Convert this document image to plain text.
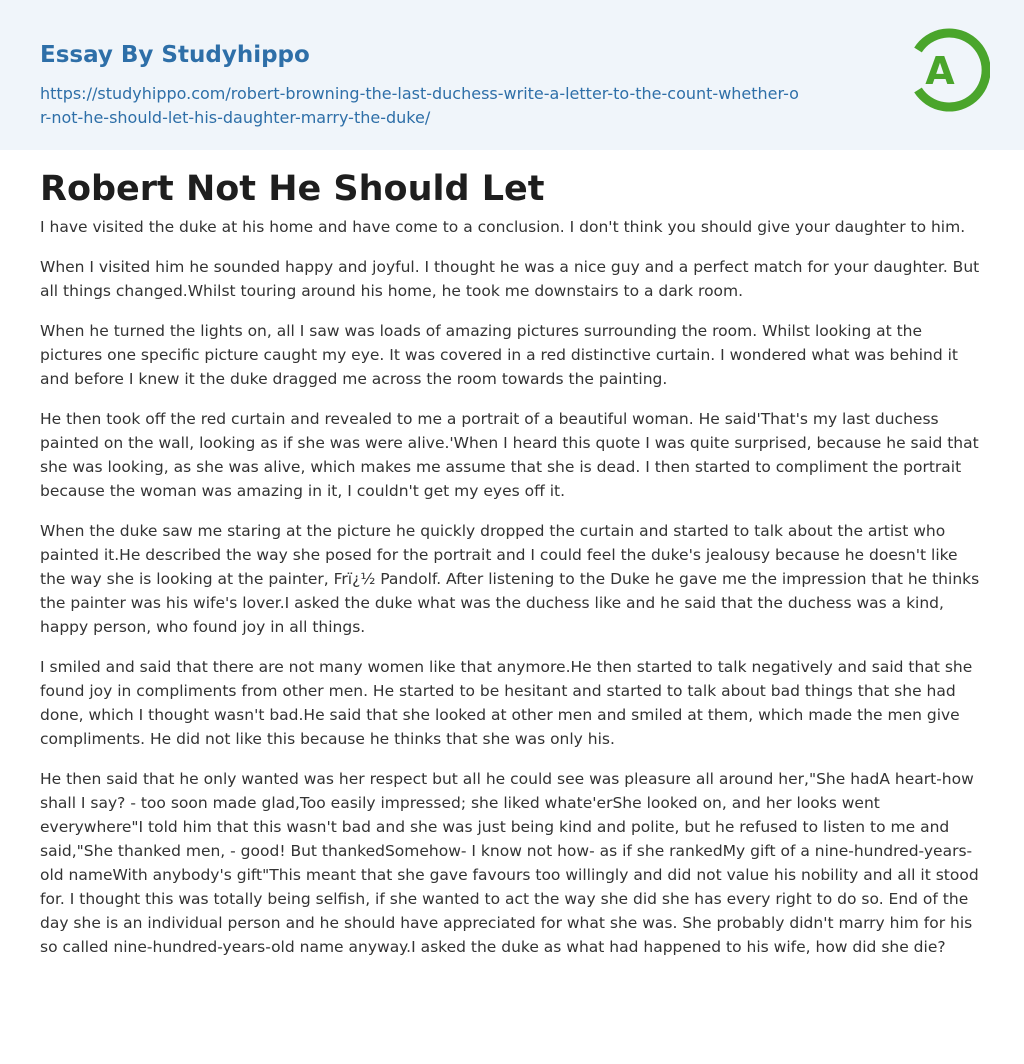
Essay By Studyhippo
https://studyhippo.com/robert-browning-the-last-duchess-write-a-letter-to-the-count-whether-or-not-he-should-let-his-daughter-marry-the-duke/
A
Robert Not He Should Let

I have visited the duke at his home and have come to a conclusion. I don't think you should give your daughter to him.

When I visited him he sounded happy and joyful. I thought he was a nice guy and a perfect match for your daughter. But all things changed.Whilst touring around his home, he took me downstairs to a dark room.

When he turned the lights on, all I saw was loads of amazing pictures surrounding the room. Whilst looking at the pictures one specific picture caught my eye. It was covered in a red distinctive curtain. I wondered what was behind it and before I knew it the duke dragged me across the room towards the painting.

He then took off the red curtain and revealed to me a portrait of a beautiful woman. He said'That's my last duchess painted on the wall, looking as if she was were alive.'When I heard this quote I was quite surprised, because he said that she was looking, as she was alive, which makes me assume that she is dead. I then started to compliment the portrait because the woman was amazing in it, I couldn't get my eyes off it.

When the duke saw me staring at the picture he quickly dropped the curtain and started to talk about the artist who painted it.He described the way she posed for the portrait and I could feel the duke's jealousy because he doesn't like the way she is looking at the painter, Frï¿½ Pandolf. After listening to the Duke he gave me the impression that he thinks the painter was his wife's lover.I asked the duke what was the duchess like and he said that the duchess was a kind, happy person, who found joy in all things.

I smiled and said that there are not many women like that anymore.He then started to talk negatively and said that she found joy in compliments from other men. He started to be hesitant and started to talk about bad things that she had done, which I thought wasn't bad.He said that she looked at other men and smiled at them, which made the men give compliments. He did not like this because he thinks that she was only his.

He then said that he only wanted was her respect but all he could see was pleasure all around her,"She hadA heart-how shall I say? - too soon made glad,Too easily impressed; she liked whate'erShe looked on, and her looks went everywhere"I told him that this wasn't bad and she was just being kind and polite, but he refused to listen to me and said,"She thanked men, - good! But thankedSomehow- I know not how- as if she rankedMy gift of a nine-hundred-years-old nameWith anybody's gift"This meant that she gave favours too willingly and did not value his nobility and all it stood for. I thought this was totally being selfish, if she wanted to act the way she did she has every right to do so. End of the day she is an individual person and he should have appreciated for what she was. She probably didn't marry him for his so called nine-hundred-years-old name anyway.I asked the duke as what had happened to his wife, how did she die?
